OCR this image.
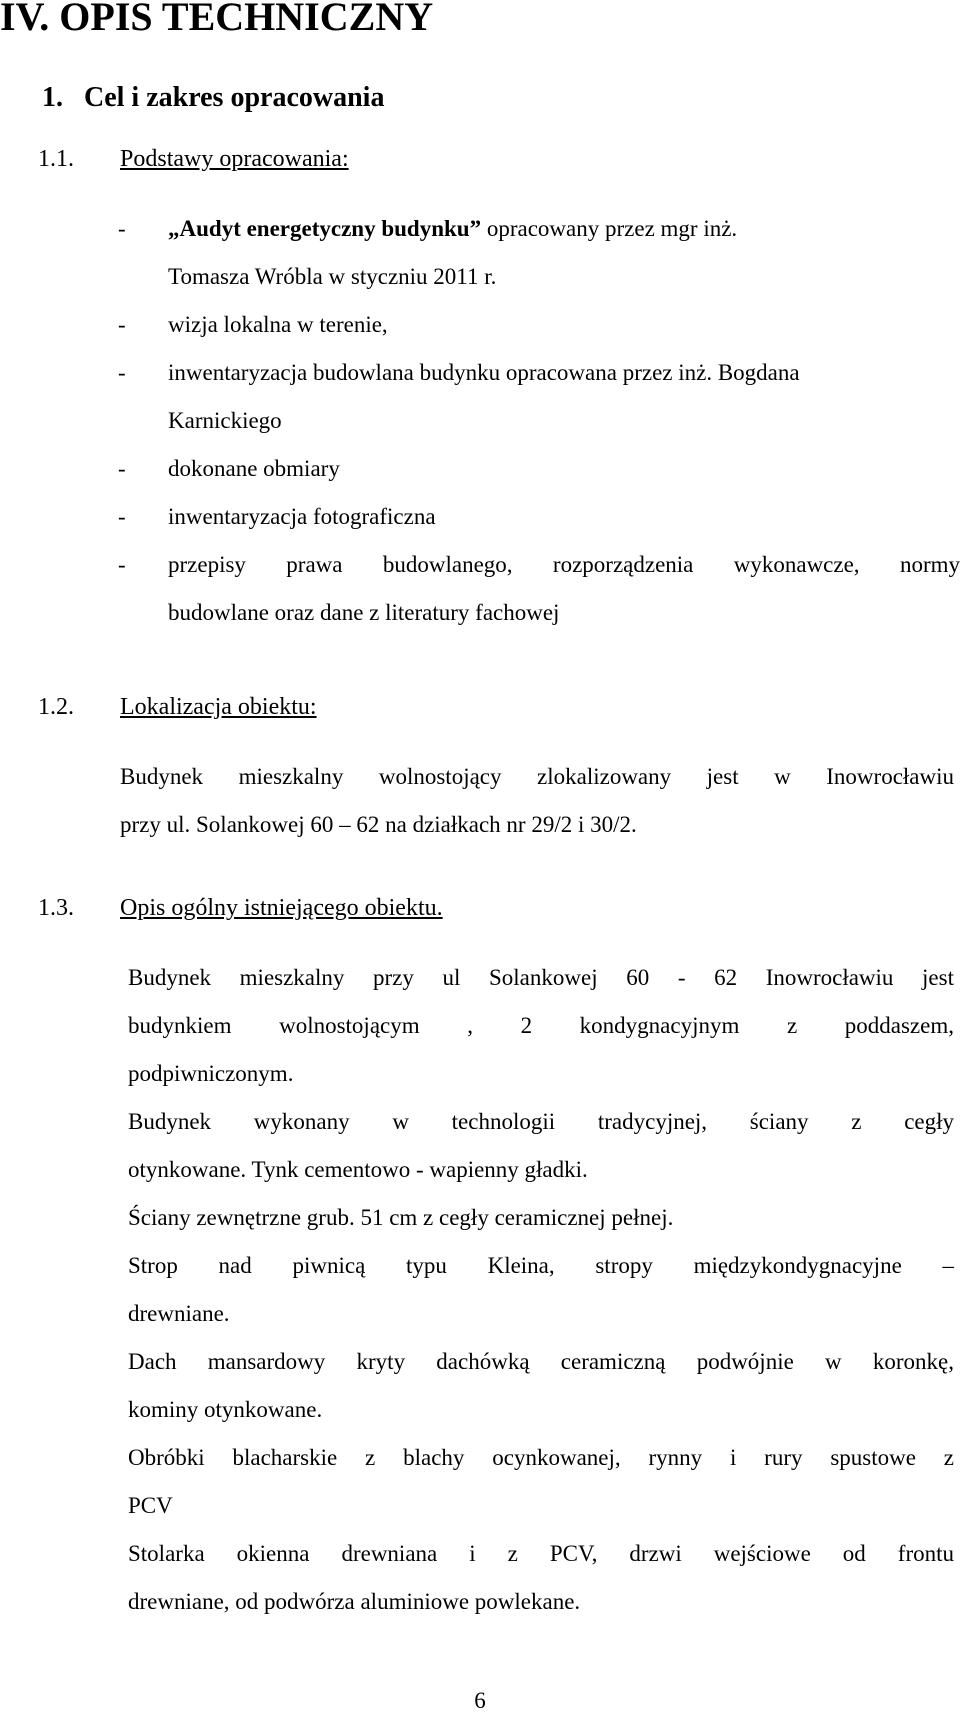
IV. OPIS TECHNICZNY
1. Cel i zakres opracowania
1.1. Podstawy opracowania:
- „Audyt energetyczny budynku” opracowany przez mgr inż.
Tomasza Wróbla w styczniu 2011 r.
- wizja lokalna w terenie,
- inwentaryzacja budowlana budynku opracowana przez inż. Bogdana
Karnickiego
- dokonane obmiary
- inwentaryzacja fotograficzna
- przepisy prawa budowlanego, rozporządzenia wykonawcze, normy
budowlane oraz dane z literatury fachowej
1.2. Lokalizacja obiektu:
Budynek mieszkalny wolnostojący zlokalizowany jest w Inowrocławiu
przy ul. Solankowej 60 – 62 na działkach nr 29/2 i 30/2.
1.3. Opis ogólny istniejącego obiektu.

Budynek mieszkalny przy ul Solankowej 60 - 62 Inowrocławiu jest
budynkiem wolnostojącym , 2 kondygnacyjnym z poddaszem,
podpiwniczonym.

Budynek wykonany w technologii tradycyjnej, ściany z cegły
otynkowane. Tynk cementowo - wapienny gładki.

Ściany zewnętrzne grub. 51 cm z cegły ceramicznej pełnej.

Strop nad piwnicą typu Kleina, stropy międzykondygnacyjne –
drewniane.

Dach mansardowy kryty dachówką ceramiczną podwójnie w koronkę,
kominy otynkowane.

Obróbki blacharskie z blachy ocynkowanej, rynny i rury spustowe z
PCV

Stolarka okienna drewniana i z PCV, drzwi wejściowe od frontu
drewniane, od podwórza aluminiowe powlekane.

6
